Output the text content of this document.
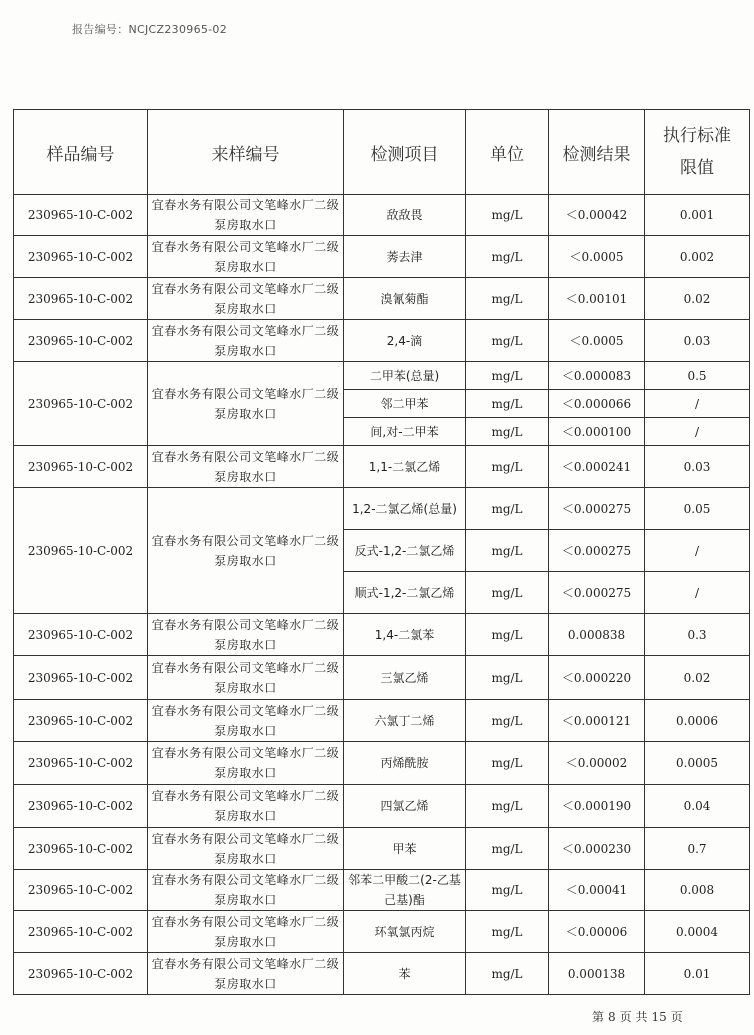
报告编号：NCJCZ230965-02
样品编号	来样编号	检测项目	单位	检测结果	执行标准
限值
230965-10-C-002	宜春水务有限公司文笔峰水厂二级泵房取水口	敌敌畏	mg/L	＜0.00042	0.001
230965-10-C-002	宜春水务有限公司文笔峰水厂二级泵房取水口	莠去津	mg/L	＜0.0005	0.002
230965-10-C-002	宜春水务有限公司文笔峰水厂二级泵房取水口	溴氰菊酯	mg/L	＜0.00101	0.02
230965-10-C-002	宜春水务有限公司文笔峰水厂二级泵房取水口	2,4-滴	mg/L	＜0.0005	0.03
230965-10-C-002	宜春水务有限公司文笔峰水厂二级泵房取水口	二甲苯(总量)	mg/L	＜0.000083	0.5
		邻二甲苯	mg/L	＜0.000066	/
		间,对-二甲苯	mg/L	＜0.000100	/
230965-10-C-002	宜春水务有限公司文笔峰水厂二级泵房取水口	1,1-二氯乙烯	mg/L	＜0.000241	0.03
230965-10-C-002	宜春水务有限公司文笔峰水厂二级泵房取水口	1,2-二氯乙烯(总量)	mg/L	＜0.000275	0.05
		反式-1,2-二氯乙烯	mg/L	＜0.000275	/
		顺式-1,2-二氯乙烯	mg/L	＜0.000275	/
230965-10-C-002	宜春水务有限公司文笔峰水厂二级泵房取水口	1,4-二氯苯	mg/L	0.000838	0.3
230965-10-C-002	宜春水务有限公司文笔峰水厂二级泵房取水口	三氯乙烯	mg/L	＜0.000220	0.02
230965-10-C-002	宜春水务有限公司文笔峰水厂二级泵房取水口	六氯丁二烯	mg/L	＜0.000121	0.0006
230965-10-C-002	宜春水务有限公司文笔峰水厂二级泵房取水口	丙烯酰胺	mg/L	＜0.00002	0.0005
230965-10-C-002	宜春水务有限公司文笔峰水厂二级泵房取水口	四氯乙烯	mg/L	＜0.000190	0.04
230965-10-C-002	宜春水务有限公司文笔峰水厂二级泵房取水口	甲苯	mg/L	＜0.000230	0.7
230965-10-C-002	宜春水务有限公司文笔峰水厂二级泵房取水口	邻苯二甲酸二(2-乙基己基)酯	mg/L	＜0.00041	0.008
230965-10-C-002	宜春水务有限公司文笔峰水厂二级泵房取水口	环氧氯丙烷	mg/L	＜0.00006	0.0004
230965-10-C-002	宜春水务有限公司文笔峰水厂二级泵房取水口	苯	mg/L	0.000138	0.01
第 8 页 共 15 页
